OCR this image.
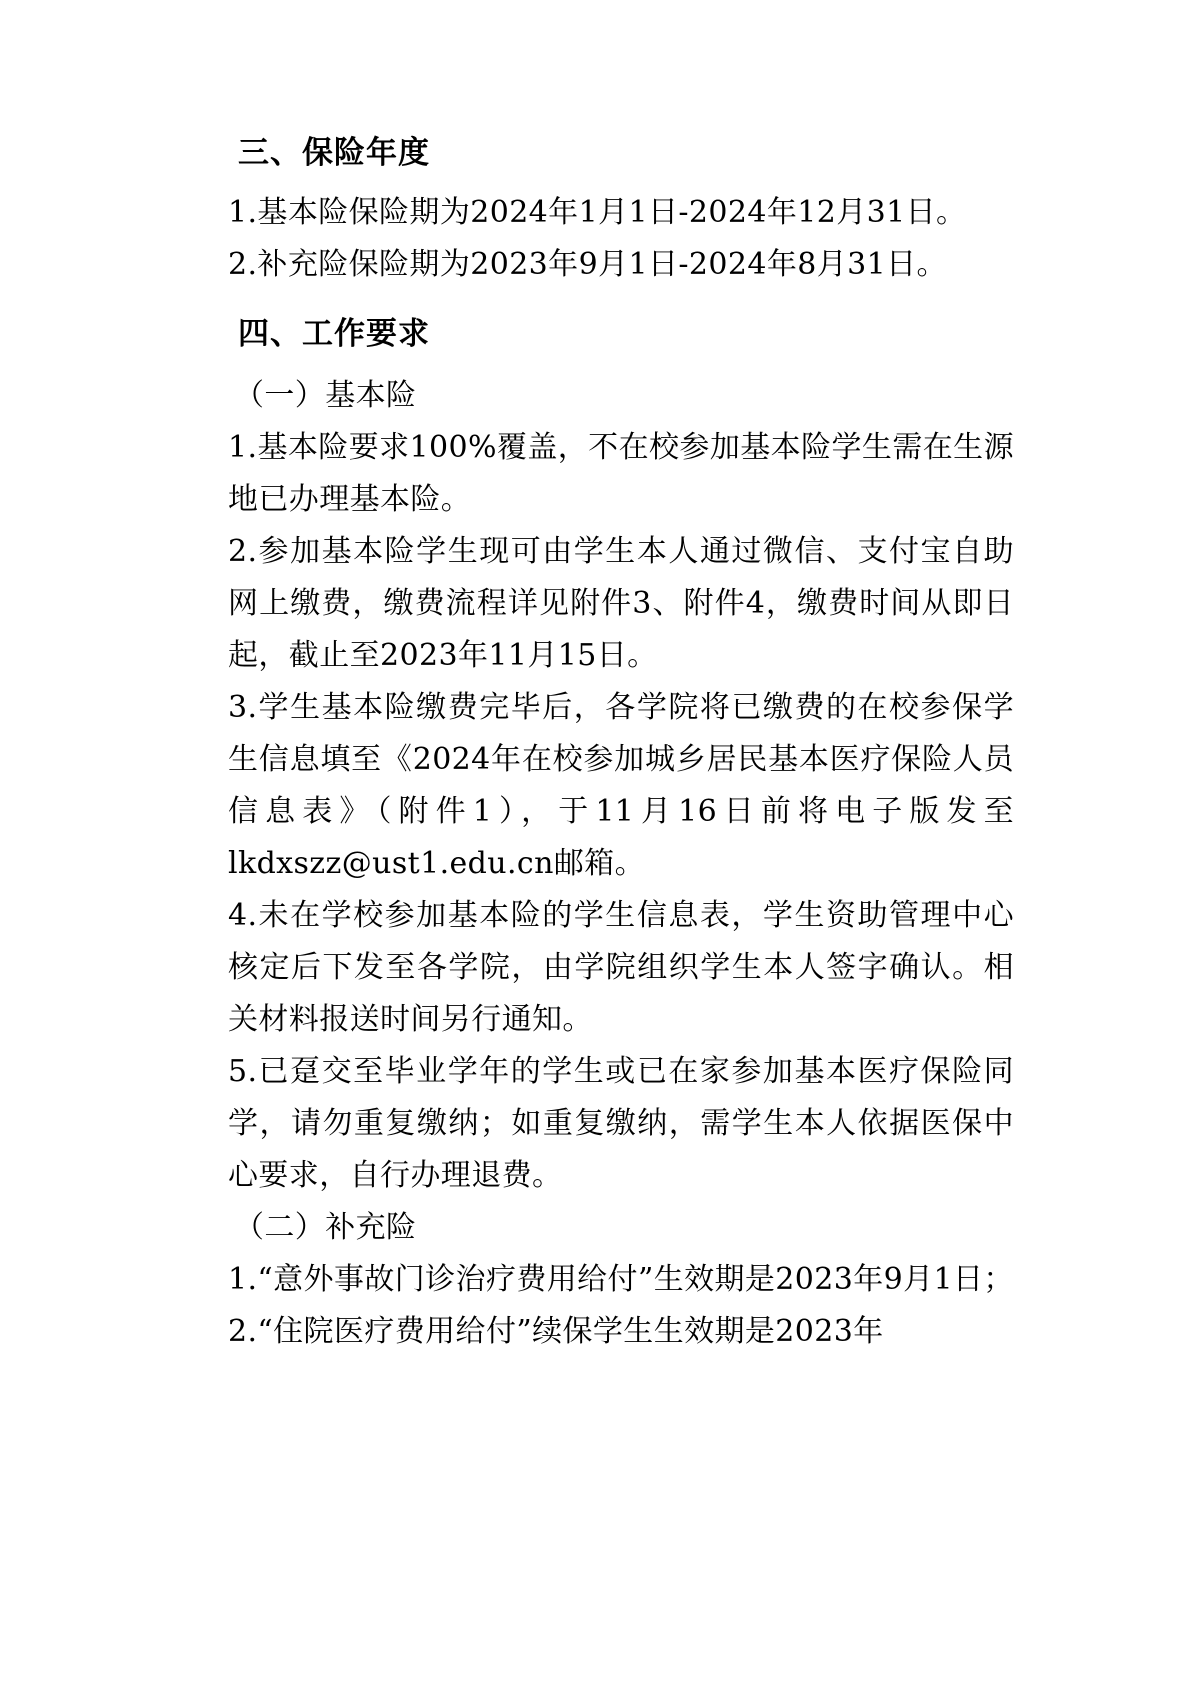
三、保险年度

1.基本险保险期为2024年1月1日-2024年12月31日。

2.补充险保险期为2023年9月1日-2024年8月31日。

四、工作要求

（一）基本险

1.基本险要求100%覆盖，不在校参加基本险学生需在生源地已办理基本险。

2.参加基本险学生现可由学生本人通过微信、支付宝自助网上缴费，缴费流程详见附件3、附件4，缴费时间从即日起，截止至2023年11月15日。

3.学生基本险缴费完毕后，各学院将已缴费的在校参保学生信息填至《2024年在校参加城乡居民基本医疗保险人员信息表》（附件1），于11月16日前将电子版发至lkdxszz@ust1.edu.cn邮箱。

4.未在学校参加基本险的学生信息表，学生资助管理中心核定后下发至各学院，由学院组织学生本人签字确认。相关材料报送时间另行通知。

5.已趸交至毕业学年的学生或已在家参加基本医疗保险同学，请勿重复缴纳；如重复缴纳，需学生本人依据医保中心要求，自行办理退费。

（二）补充险

1.“意外事故门诊治疗费用给付”生效期是2023年9月1日；

2.“住院医疗费用给付”续保学生生效期是2023年
